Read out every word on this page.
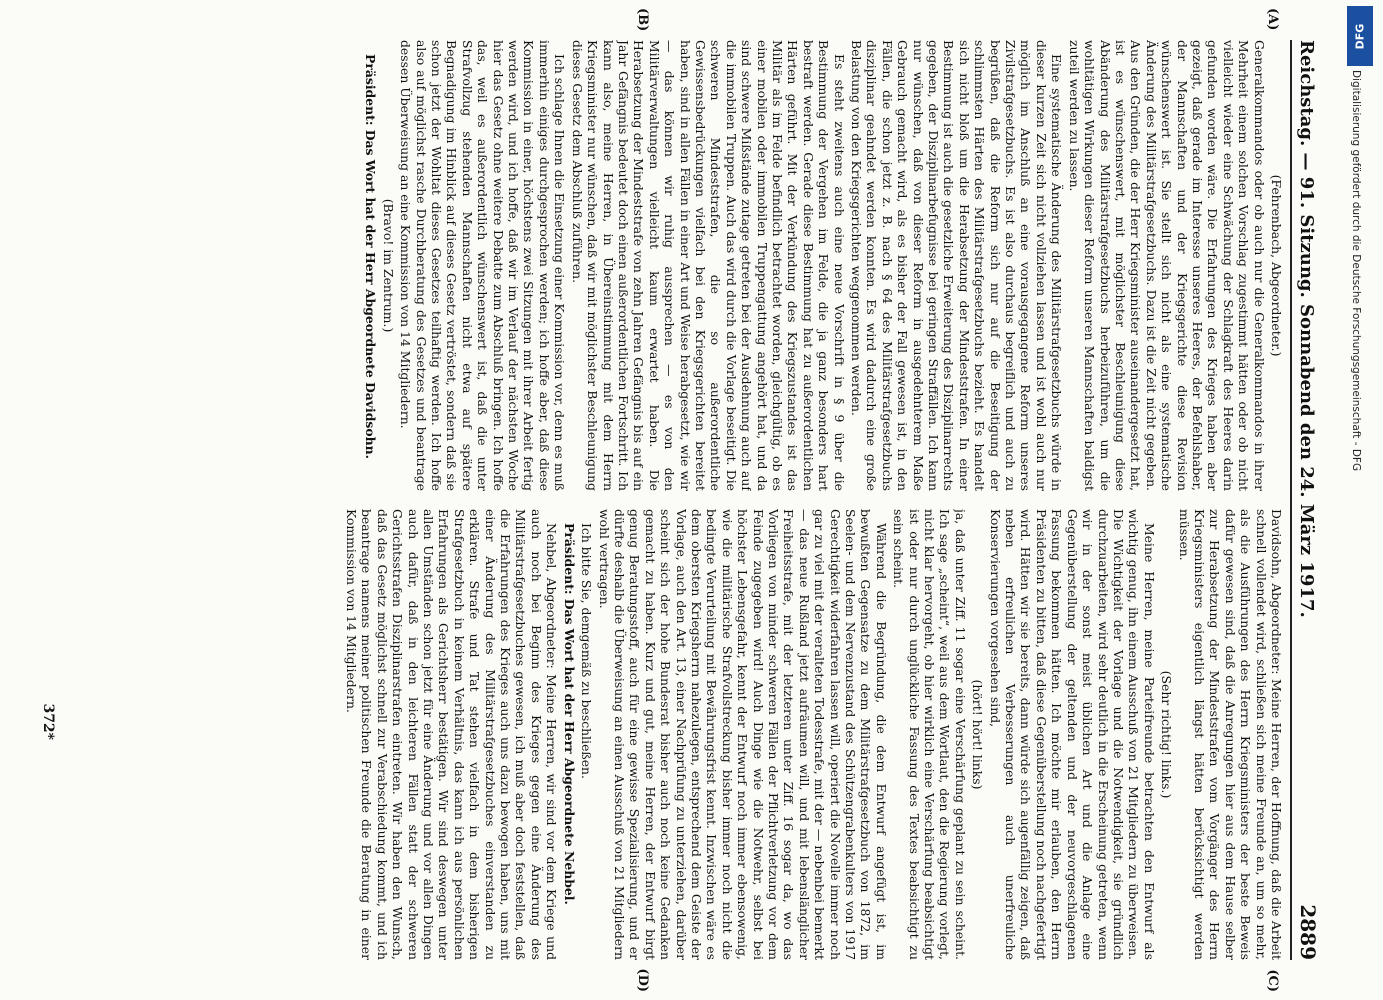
Reichstag. — 91. Sitzung. Sonnabend den 24. März 1917.
2889

(Fehrenbach, Abgeordneter.)

Generalkommandos oder ob auch nur die Generalkommandos in ihrer Mehrheit einem solchen Vorschlag zugestimmt hätten oder ob nicht vielleicht wieder eine Schwächung der Schlagkraft des Heeres darin gefunden worden wäre. Die Erfahrungen des Krieges haben aber gezeigt, daß gerade im Interesse unseres Heeres, der Befehlshaber, der Mannschaften und der Kriegsgerichte diese Revision wünschenswert ist. Sie stellt sich nicht als eine systematische Änderung des Militärstrafgesetzbuchs. Dazu ist die Zeit nicht gegeben. Aus den Gründen, die der Herr Kriegsminister auseinandergesetzt hat, ist es wünschenswert, mit möglichster Beschleunigung diese Abänderung des Militärstrafgesetzbuchs herbeizuführen, um die wohltätigen Wirkungen dieser Reform unseren Mannschaften baldigst zuteil werden zu lassen.

Eine systematische Änderung des Militärstrafgesetzbuchs würde in dieser kurzen Zeit sich nicht vollziehen lassen und ist wohl auch nur möglich im Anschluß an eine vorausgegangene Reform unseres Zivilstrafgesetzbuchs. Es ist also durchaus begreiflich und auch zu begrüßen, daß die Reform sich nur auf die Beseitigung der schlimmsten Härten des Militärstrafgesetzbuchs bezieht. Es handelt sich nicht bloß um die Herabsetzung der Mindeststrafen. In einer Bestimmung ist auch die gesetzliche Erweiterung des Disziplinarrechts gegeben, der Disziplinarbefugnisse bei geringen Straffällen. Ich kann nur wünschen, daß von dieser Reform in ausgedehnterem Maße Gebrauch gemacht wird, als es bisher der Fall gewesen ist, in den Fällen, die schon jetzt z. B. nach § 64 des Militärstrafgesetzbuchs disziplinar geahndet werden konnten. Es wird dadurch eine große Belastung von den Kriegsgerichten weggenommen werden.

Es steht zweitens auch eine neue Vorschrift in § 9 über die Bestimmung der Vergehen im Felde, die ja ganz besonders hart bestraft werden. Gerade diese Bestimmung hat zu außerordentlichen Härten geführt. Mit der Verkündung des Kriegszustandes ist das Militär als im Felde befindlich betrachtet worden, gleichgültig, ob es einer mobilen oder immobilen Truppengattung angehört hat, und da sind schwere Mißstände zutage getreten bei der Ausdehnung auch auf die immobilen Truppen. Auch das wird durch die Vorlage beseitigt. Die schweren Mindeststrafen, die so außerordentliche Gewissensbedrückungen vielfach bei den Kriegsgerichten bereitet haben, sind in allen Fällen in einer Art und Weise herabgesetzt, wie wir — das können wir ruhig aussprechen — es von den Militärverwaltungen vielleicht kaum erwartet haben. Die Herabsetzung der Mindeststrafe von zehn Jahren Gefängnis bis auf ein Jahr Gefängnis bedeutet doch einen außerordentlichen Fortschritt. Ich kann also, meine Herren, in Übereinstimmung mit dem Herrn Kriegsminister nur wünschen, daß wir mit möglichster Beschleunigung dieses Gesetz dem Abschluß zuführen.

Ich schlage Ihnen die Einsetzung einer Kommission vor, denn es muß immerhin einiges durchgesprochen werden; ich hoffe aber, daß diese Kommission in einer, höchstens zwei Sitzungen mit ihrer Arbeit fertig werden wird, und ich hoffe, daß wir im Verlauf der nächsten Woche hier das Gesetz ohne weitere Debatte zum Abschluß bringen. Ich hoffe das, weil es außerordentlich wünschenswert ist, daß die unter Strafvollzug stehenden Mannschaften nicht etwa auf spätere Begnadigung im Hinblick auf dieses Gesetz vertröstet, sondern daß sie schon jetzt der Wohltat dieses Gesetzes teilhaftig werden. Ich hoffe also auf möglichst rasche Durchberatung des Gesetzes und beantrage dessen Überweisung an eine Kommission von 14 Mitgliedern.

(Bravo! im Zentrum.)

Präsident: Das Wort hat der Herr Abgeordnete Davidsohn.

Davidsohn, Abgeordneter: Meine Herren, der Hoffnung, daß die Arbeit schnell vollendet wird, schließen sich meine Freunde an, um so mehr, als die Ausführungen des Herrn Kriegsministers der beste Beweis dafür gewesen sind, daß die Anregungen hier aus dem Hause selber zur Herabsetzung der Mindeststrafen vom Vorgänger des Herrn Kriegsministers eigentlich längst hätten berücksichtigt werden müssen.

(Sehr richtig! links.)

Meine Herren, meine Parteifreunde betrachten den Entwurf als wichtig genug, ihn einem Ausschuß von 21 Mitgliedern zu überweisen. Die Wichtigkeit der Vorlage und die Notwendigkeit, sie gründlich durchzuarbeiten, wird sehr deutlich in die Erscheinung getreten, wenn wir in der sonst meist üblichen Art und die Anlage eine Gegenüberstellung der geltenden und der neuvorgeschlagenen Fassung bekommen hätten. Ich möchte mir erlauben, den Herrn Präsidenten zu bitten, daß diese Gegenüberstellung noch nachgefertigt wird. Hätten wir sie bereits, dann würde sich augenfällig zeigen, daß neben erfreulichen Verbesserungen auch unerfreuliche Konservierungen vorgesehen sind,

(hört! hört! links)

ja, daß unter Ziff. 11 sogar eine Verschärfung geplant zu sein scheint. Ich sage „scheint“, weil aus dem Wortlaut, den die Regierung vorlegt, nicht klar hervorgeht, ob hier wirklich eine Verschärfung beabsichtigt ist oder nur durch unglückliche Fassung des Textes beabsichtigt zu sein scheint.

Während die Begründung, die dem Entwurf angefügt ist, im bewußten Gegensatze zu dem Militärstrafgesetzbuch von 1872, im Seelen- und dem Nervenzustand des Schützengrabenkulters von 1917 Gerechtigkeit widerfahren lassen will, operiert die Novelle immer noch gar zu viel mit der veralteten Todesstrafe, mit der — nebenbei bemerkt — das neue Rußland jetzt aufräumen will, und mit lebenslänglicher Freiheitsstrafe, mit der letzteren unter Ziff. 16 sogar da, wo das Vorliegen von minder schweren Fällen der Pflichtverletzung vor dem Feinde zugegeben wird! Auch Dinge wie die Notwehr, selbst bei höchster Lebensgefahr, kennt der Entwurf noch immer ebensowenig, wie die militärische Strafvollstreckung bisher immer noch nicht die bedingte Verurteilung mit Bewährungsfrist kennt. Inzwischen wäre es dem obersten Kriegsherrn nahezulegen, entsprechend dem Geiste der Vorlage, auch den Art. 13, einer Nachprüfung zu unterziehen, darüber scheint sich der hohe Bundesrat bisher auch noch keine Gedanken gemacht zu haben. Kurz und gut, meine Herren, der Entwurf birgt genug Beratungsstoff, auch für eine gewisse Spezialisierung, und er dürfte deshalb die Überweisung an einen Ausschuß von 21 Mitgliedern wohl vertragen.

Ich bitte Sie, demgemäß zu beschließen.

Präsident: Das Wort hat der Herr Abgeordnete Nehbel.

Nehbel, Abgeordneter: Meine Herren, wir sind vor dem Kriege und auch noch bei Beginn des Krieges gegen eine Änderung des Militärstrafgesetzbuches gewesen, ich muß aber doch feststellen, daß die Erfahrungen des Krieges auch uns dazu bewogen haben, uns mit einer Änderung des Militärstrafgesetzbuches einverstanden zu erklären. Strafe und Tat stehen vielfach in dem bisherigen Strafgesetzbuch in keinem Verhältnis, das kann ich aus persönlichen Erfahrungen als Gerichtsherr bestätigen. Wir sind deswegen unter allen Umständen schon jetzt für eine Änderung und vor allen Dingen auch dafür, daß in den leichteren Fällen statt der schweren Gerichtsstrafen Disziplinarstrafen eintreten. Wir haben den Wunsch, daß das Gesetz möglichst schnell zur Verabschiedung kommt, und ich beantrage namens meiner politischen Freunde die Beratung in einer Kommission von 14 Mitgliedern.

(A)
(B)
(C)
(D)
372*
DFG
Digitalisierung gefördert durch die Deutsche Forschungsgemeinschaft - DFG
